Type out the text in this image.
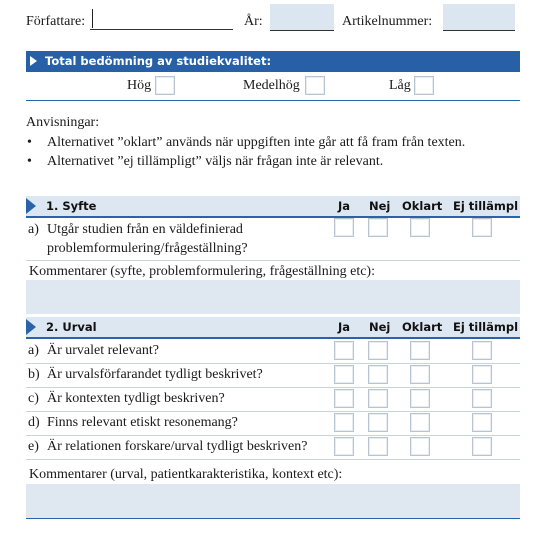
Författare:	År:	Artikelnummer:
Total bedömning av studiekvalitet:
Hög	Medelhög	Låg
Anvisningar:
• Alternativet ”oklart” används när uppgiften inte går att få fram från texten.
• Alternativet ”ej tillämpligt” väljs när frågan inte är relevant.
1. Syfte	Ja Nej Oklart Ej tillämpl
a) Utgår studien från en väldefinierad
problemformulering/frågeställning?
Kommentarer (syfte, problemformulering, frågeställning etc):
2. Urval	Ja Nej Oklart Ej tillämpl
a) Är urvalet relevant?
b) Är urvalsförfarandet tydligt beskrivet?
c) Är kontexten tydligt beskriven?
d) Finns relevant etiskt resonemang?
e) Är relationen forskare/urval tydligt beskriven?
Kommentarer (urval, patientkarakteristika, kontext etc):
